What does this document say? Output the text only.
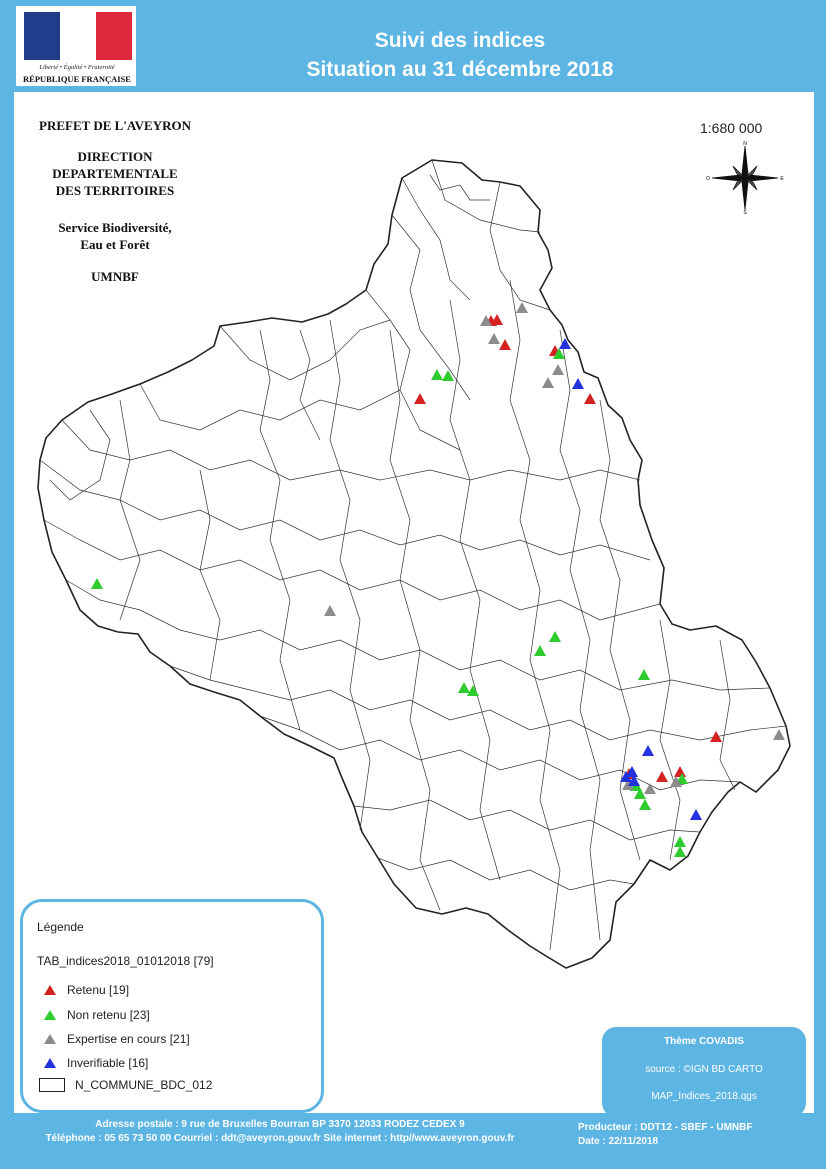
Liberté • Égalité • Fraternité
RÉPUBLIQUE FRANÇAISE
Suivi des indices
Situation au 31 décembre 2018
PREFET DE L'AVEYRON
DIRECTION
DEPARTEMENTALE
DES TERRITOIRES
Service Biodiversité,
Eau et Forêt
UMNBF
1:680 000
N
S
O	E
Légende
TAB_indices2018_01012018 [79]
Retenu [19]
Non retenu [23]
Expertise en cours [21]
Inverifiable [16]
N_COMMUNE_BDC_012
Thème COVADIS
source : ©IGN BD CARTO
MAP_Indices_2018.qgs
Adresse postale : 9 rue de Bruxelles Bourran BP 3370 12033 RODEZ CEDEX 9
Téléphone : 05 65 73 50 00 Courriel : ddt@aveyron.gouv.fr Site internet : http//www.aveyron.gouv.fr
Producteur : DDT12 - SBEF - UMNBF
Date : 22/11/2018
